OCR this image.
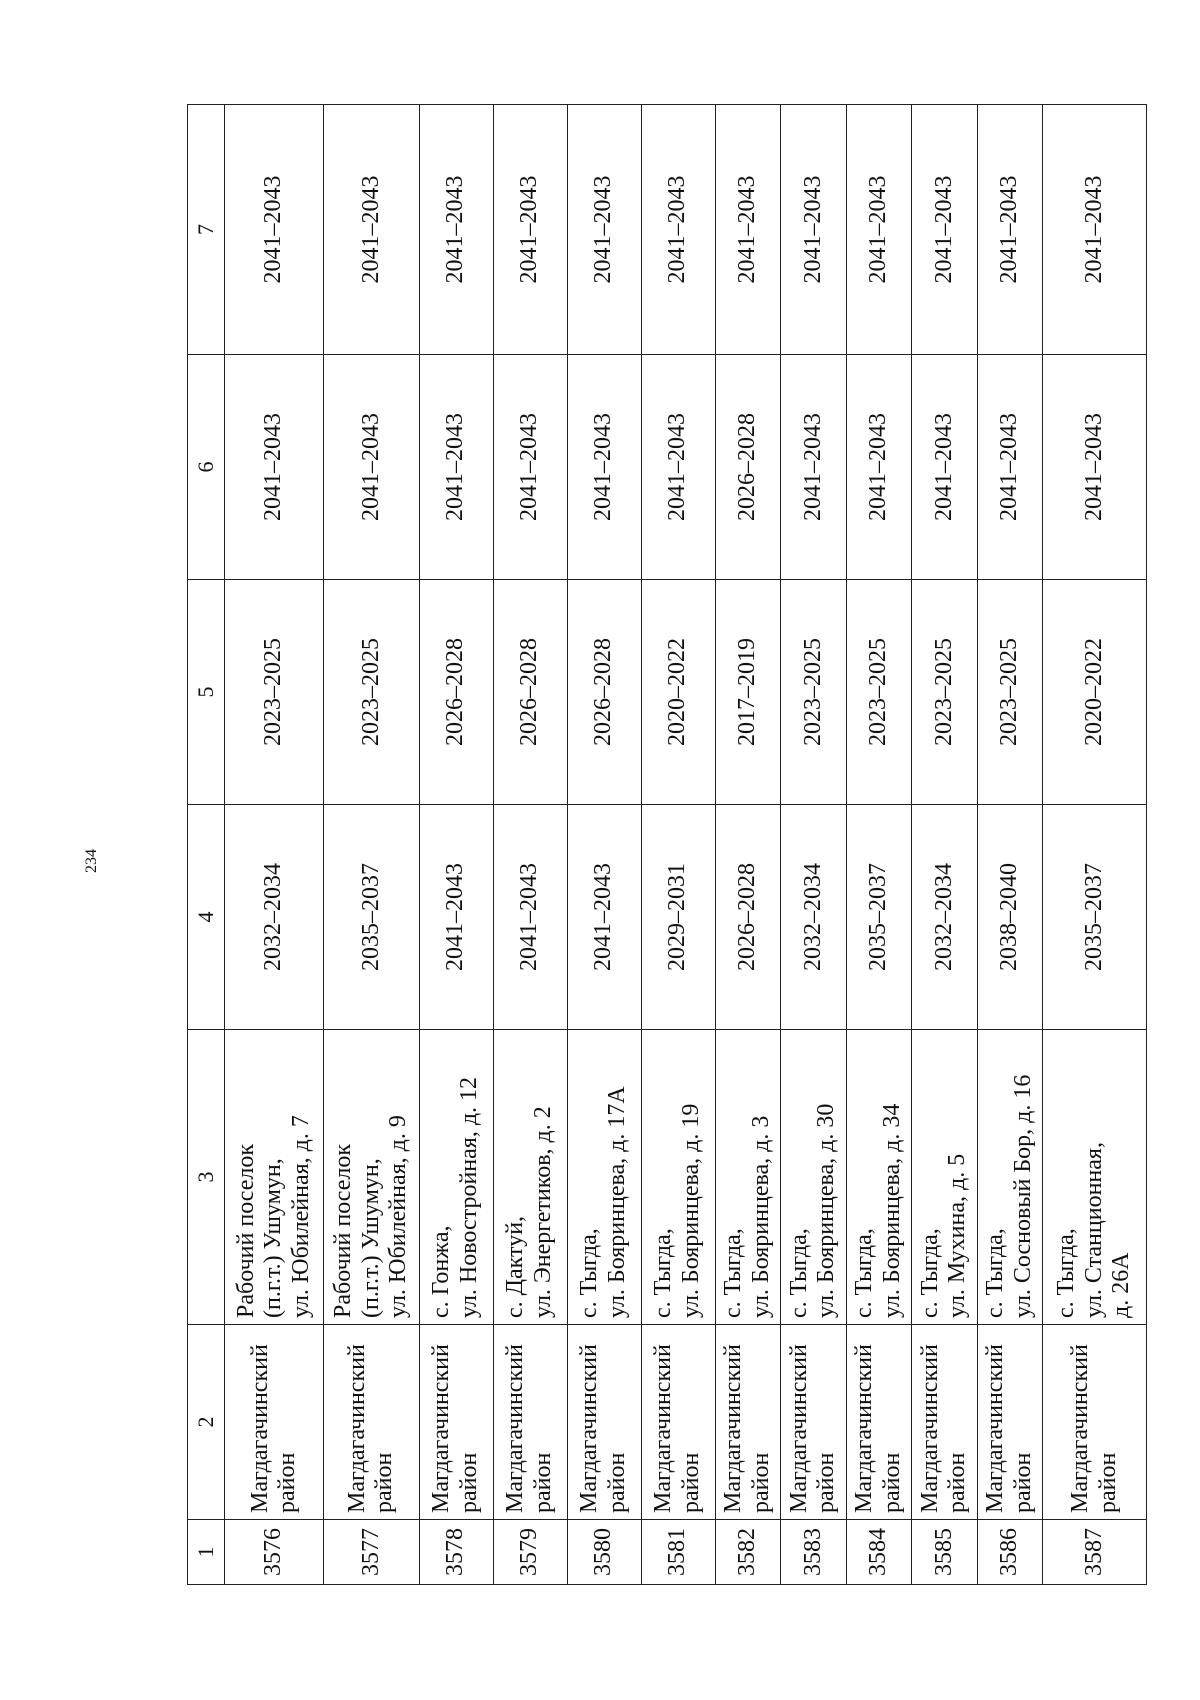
234
1	2	3	4	5	6	7
3576	Магдагачинский
район	Рабочий поселок
(п.г.т.) Ушумун,
ул. Юбилейная, д. 7	2032–2034	2023–2025	2041–2043	2041–2043
3577	Магдагачинский
район	Рабочий поселок
(п.г.т.) Ушумун,
ул. Юбилейная, д. 9	2035–2037	2023–2025	2041–2043	2041–2043
3578	Магдагачинский
район	с. Гонжа,
ул. Новостройная, д. 12	2041–2043	2026–2028	2041–2043	2041–2043
3579	Магдагачинский
район	с. Дактуй,
ул. Энергетиков, д. 2	2041–2043	2026–2028	2041–2043	2041–2043
3580	Магдагачинский
район	с. Тыгда,
ул. Бояринцева, д. 17А	2041–2043	2026–2028	2041–2043	2041–2043
3581	Магдагачинский
район	с. Тыгда,
ул. Бояринцева, д. 19	2029–2031	2020–2022	2041–2043	2041–2043
3582	Магдагачинский
район	с. Тыгда,
ул. Бояринцева, д. 3	2026–2028	2017–2019	2026–2028	2041–2043
3583	Магдагачинский
район	с. Тыгда,
ул. Бояринцева, д. 30	2032–2034	2023–2025	2041–2043	2041–2043
3584	Магдагачинский
район	с. Тыгда,
ул. Бояринцева, д. 34	2035–2037	2023–2025	2041–2043	2041–2043
3585	Магдагачинский
район	с. Тыгда,
ул. Мухина, д. 5	2032–2034	2023–2025	2041–2043	2041–2043
3586	Магдагачинский
район	с. Тыгда,
ул. Сосновый Бор, д. 16	2038–2040	2023–2025	2041–2043	2041–2043
3587	Магдагачинский
район	с. Тыгда,
ул. Станционная,
д. 26А	2035–2037	2020–2022	2041–2043	2041–2043
